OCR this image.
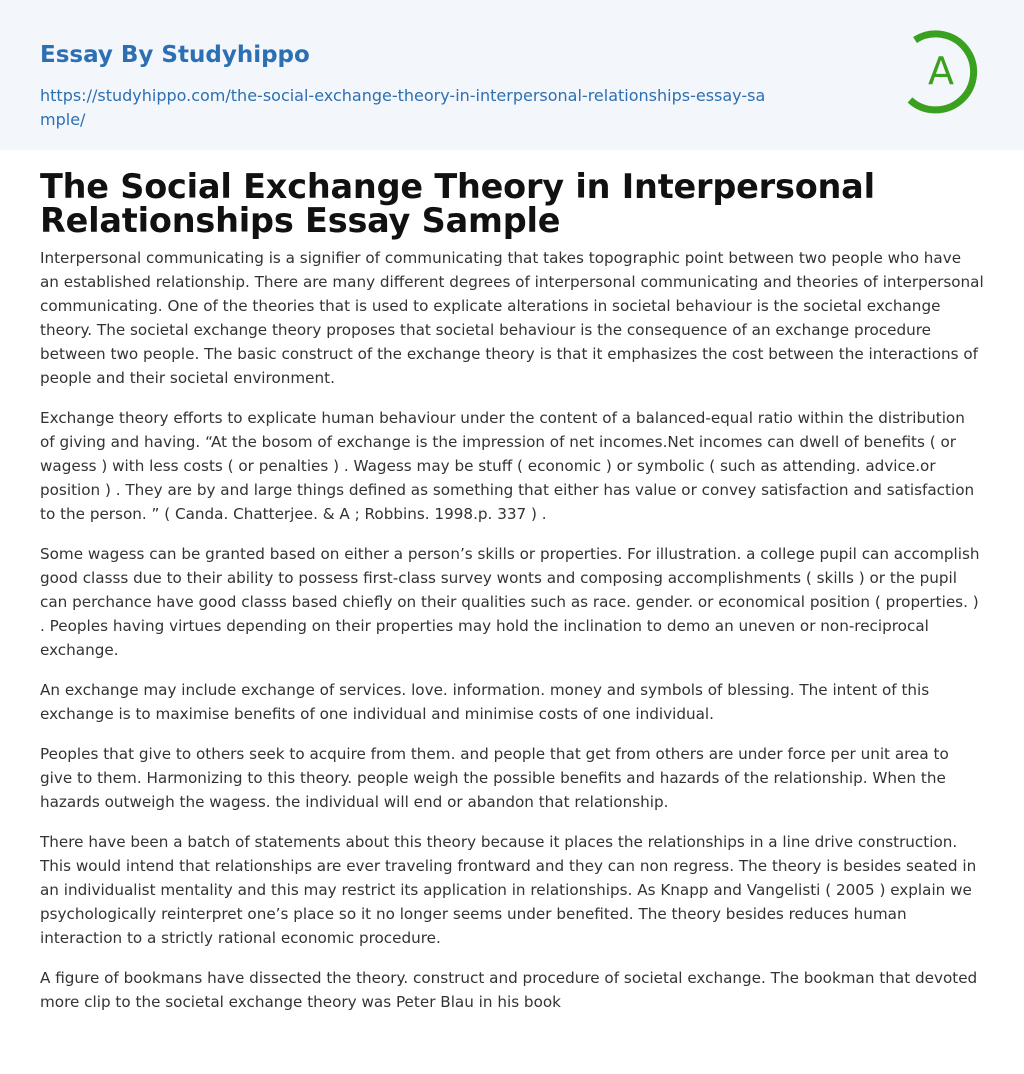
Essay By Studyhippo
https://studyhippo.com/the-social-exchange-theory-in-interpersonal-relationships-essay-sample/
A
The Social Exchange Theory in Interpersonal Relationships Essay Sample

Interpersonal communicating is a signifier of communicating that takes topographic point between two people who have an established relationship. There are many different degrees of interpersonal communicating and theories of interpersonal communicating. One of the theories that is used to explicate alterations in societal behaviour is the societal exchange theory. The societal exchange theory proposes that societal behaviour is the consequence of an exchange procedure between two people. The basic construct of the exchange theory is that it emphasizes the cost between the interactions of people and their societal environment.

Exchange theory efforts to explicate human behaviour under the content of a balanced-equal ratio within the distribution of giving and having. “At the bosom of exchange is the impression of net incomes.Net incomes can dwell of benefits ( or wagess ) with less costs ( or penalties ) . Wagess may be stuff ( economic ) or symbolic ( such as attending. advice.or position ) . They are by and large things defined as something that either has value or convey satisfaction and satisfaction to the person. ” ( Canda. Chatterjee. & A ; Robbins. 1998.p. 337 ) .

Some wagess can be granted based on either a person’s skills or properties. For illustration. a college pupil can accomplish good classs due to their ability to possess first-class survey wonts and composing accomplishments ( skills ) or the pupil can perchance have good classs based chiefly on their qualities such as race. gender. or economical position ( properties. ) . Peoples having virtues depending on their properties may hold the inclination to demo an uneven or non-reciprocal exchange.

An exchange may include exchange of services. love. information. money and symbols of blessing. The intent of this exchange is to maximise benefits of one individual and minimise costs of one individual.

Peoples that give to others seek to acquire from them. and people that get from others are under force per unit area to give to them. Harmonizing to this theory. people weigh the possible benefits and hazards of the relationship. When the hazards outweigh the wagess. the individual will end or abandon that relationship.

There have been a batch of statements about this theory because it places the relationships in a line drive construction. This would intend that relationships are ever traveling frontward and they can non regress. The theory is besides seated in an individualist mentality and this may restrict its application in relationships. As Knapp and Vangelisti ( 2005 ) explain we psychologically reinterpret one’s place so it no longer seems under benefited. The theory besides reduces human interaction to a strictly rational economic procedure.

A figure of bookmans have dissected the theory. construct and procedure of societal exchange. The bookman that devoted more clip to the societal exchange theory was Peter Blau in his book
